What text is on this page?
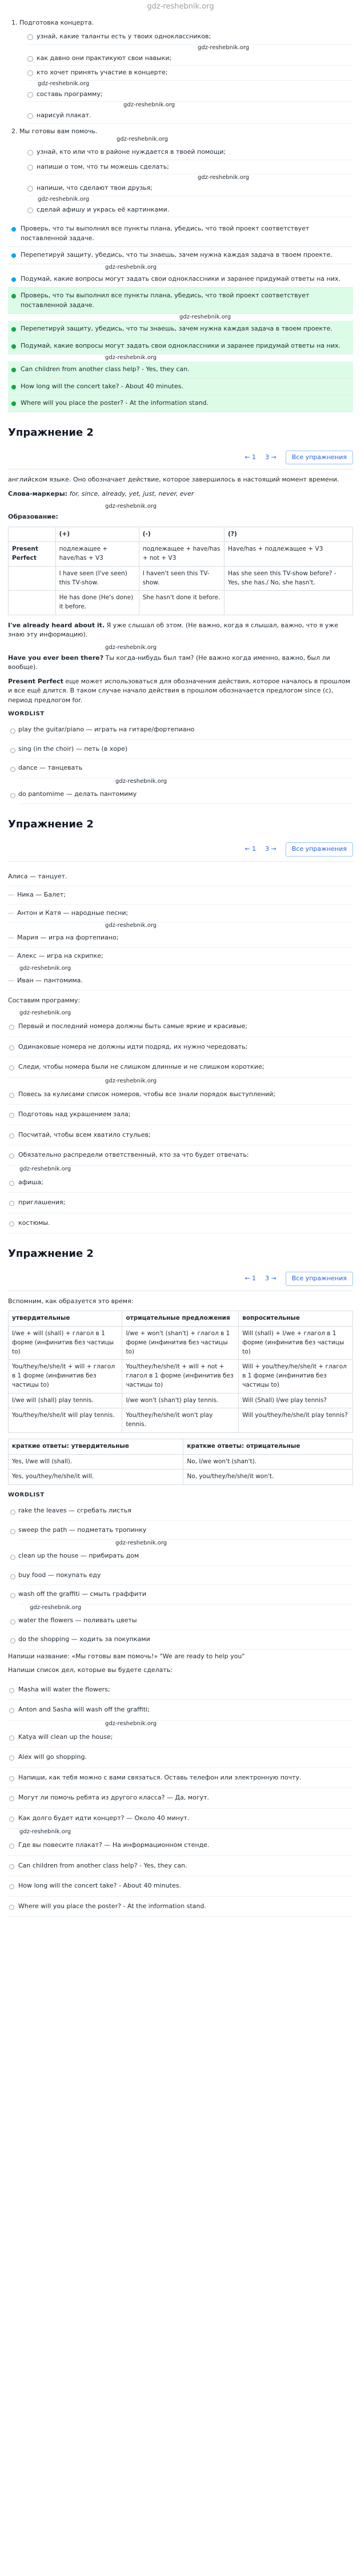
gdz-reshebnik.org
1. Подготовка концерта.
узнай, какие таланты есть у твоих одноклассников;
gdz-reshebnik.org
как давно они практикуют свои навыки;
кто хочет принять участие в концерте;
gdz-reshebnik.org
составь программу;
gdz-reshebnik.org
нарисуй плакат.
2. Мы готовы вам помочь.
gdz-reshebnik.org
узнай, кто или что в районе нуждается в твоей помощи;
напиши о том, что ты можешь сделать;
gdz-reshebnik.org
напиши, что сделают твои друзья;
gdz-reshebnik.org
сделай афишу и укрась её картинками.
Проверь, что ты выполнил все пункты плана, убедись, что твой проект соответствует поставленной задаче.
Перепетируй защиту, убедись, что ты знаешь, зачем нужна каждая задача в твоем проекте.
gdz-reshebnik.org
Подумай, какие вопросы могут задать свои одноклассники и заранее придумай ответы на них.
Проверь, что ты выполнил все пункты плана, убедись, что твой проект соответствует поставленной задаче.
gdz-reshebnik.org
Перепетируй защиту, убедись, что ты знаешь, зачем нужна каждая задача в твоем проекте.
Подумай, какие вопросы могут задать свои одноклассники и заранее придумай ответы на них.
gdz-reshebnik.org
Can children from another class help? - Yes, they can.
How long will the concert take? - About 40 minutes.
Where will you place the poster? - At the information stand.
Упражнение 2
← 1 3 →	Все упражнения

английском языке. Оно обозначает действие, которое завершилось в настоящий момент времени.

Слова-маркеры: for, since, already, yet, just, never, ever

gdz-reshebnik.org

Образование:

	(+)	(-)	(?)
Present Perfect	подлежащее + have/has + V3	подлежащее + have/has + not + V3	Have/has + подлежащее + V3
	I have seen (I've seen) this TV-show.	I haven't seen this TV-show.	Has she seen this TV-show before? - Yes, she has./ No, she hasn't.
	He has done (He's done) it before.	She hasn't done it before.	

I've already heard about it. Я уже слышал об этом. (Не важно, когда я слышал, важно, что я уже знаю эту информацию).

gdz-reshebnik.org

Have you ever been there? Ты когда-нибудь был там? (Не важно когда именно, важно, был ли вообще).

Present Perfect еще может использоваться для обозначения действия, которое началось в прошлом и все ещё длится. В таком случае начало действия в прошлом обозначается предлогом since (с), период предлогом for.

WORDLIST
play the guitar/piano — играть на гитаре/фортепиано
sing (in the choir) — петь (в хоре)
dance — танцевать
gdz-reshebnik.org
do pantomime — делать пантомиму
Упражнение 2
← 1 3 →	Все упражнения
Алиса — танцует.
— Ника — Балет;
— Антон и Катя — народные песни;
gdz-reshebnik.org
— Мария — игра на фортепиано;
— Алекс — игра на скрипке;
gdz-reshebnik.org
— Иван — пантомима.

Составим программу:

gdz-reshebnik.org
Первый и последний номера должны быть самые яркие и красивые;
Одинаковые номера не должны идти подряд, их нужно чередовать;
Следи, чтобы номера были не слишком длинные и не слишком короткие;
gdz-reshebnik.org
Повесь за кулисами список номеров, чтобы все знали порядок выступлений;
Подготовь над украшением зала;
Посчитай, чтобы всем хватило стульев;
Обязательно распредели ответственный, кто за что будет отвечать:
gdz-reshebnik.org
афиша;
приглашения;
костюмы.
Упражнение 2
← 1 3 →	Все упражнения

Вспомним, как образуется это время:

утвердительные	отрицательные предложения	вопросительные
I/we + will (shall) + глагол в 1 форме (инфинитив без частицы to)	I/we + won't (shan't) + глагол в 1 форме (инфинитив без частицы to)	Will (shall) + I/we + глагол в 1 форме (инфинитив без частицы to)
You/they/he/she/it + will + глагол в 1 форме (инфинитив без частицы to)	You/they/he/she/it + will + not + глагол в 1 форме (инфинитив без частицы to)	Will + you/they/he/she/it + глагол в 1 форме (инфинитив без частицы to)
I/we will (shall) play tennis.	I/we won't (shan't) play tennis.	Will (Shall) I/we play tennis?
You/they/he/she/it will play tennis.	You/they/he/she/it won't play tennis.	Will you/they/he/she/it play tennis?
краткие ответы: утвердительные	краткие ответы: отрицательные
Yes, I/we will (shall).	No, I/we won't (shan't).
Yes, you/they/he/she/it will.	No, you/they/he/she/it won't.
WORDLIST
rake the leaves — сгребать листья
sweep the path — подметать тропинку
gdz-reshebnik.org
clean up the house — прибирать дом
buy food — покупать еду
wash off the graffiti — смыть граффити
gdz-reshebnik.org
water the flowers — поливать цветы
do the shopping — ходить за покупками

Напиши название: «Мы готовы вам помочь!» "We are ready to help you"

Напиши список дел, которые вы будете сделать:

Masha will water the flowers;
Anton and Sasha will wash off the graffiti;
gdz-reshebnik.org
Katya will clean up the house;
Alex will go shopping.
Напиши, как тебя можно с вами связаться. Оставь телефон или электронную почту.
Могут ли помочь ребята из другого класса? — Да, могут.
Как долго будет идти концерт? — Около 40 минут.
gdz-reshebnik.org
Где вы повесите плакат? — На информационном стенде.
Can children from another class help? - Yes, they can.
How long will the concert take? - About 40 minutes.
Where will you place the poster? - At the information stand.
